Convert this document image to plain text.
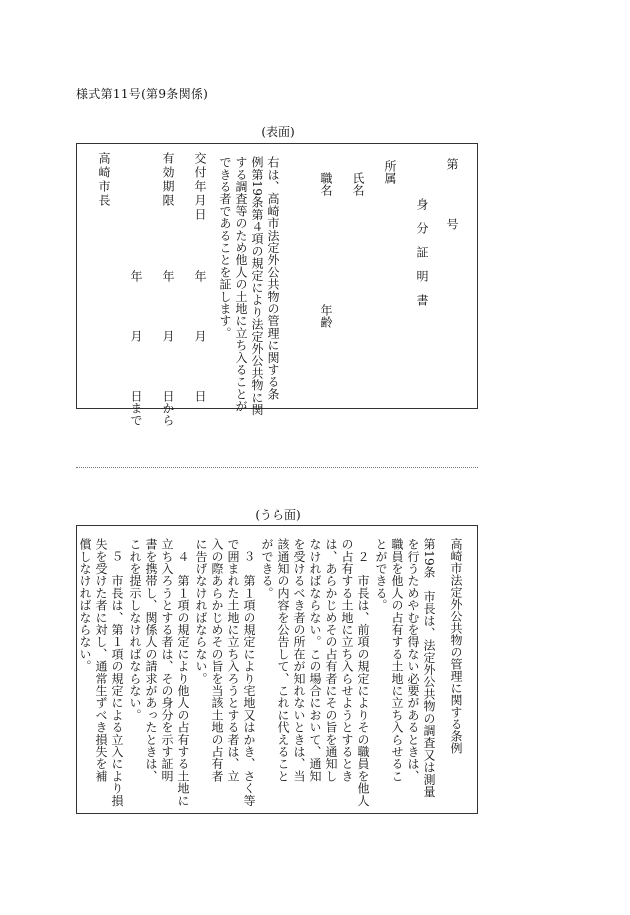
様式第11号(第9条関係)
(表面)
第　　　　号
身　分　証　明　書
所属
氏名
職名
年齢
右は、高崎市法定外公共物の管理に関する条
例第19条第４項の規定により法定外公共物に関
する調査等のため他人の土地に立ち入ることが
できる者であることを証します。
交付年月日
年　　　　月　　　　日
有効期限
年　　　　月　　　　日から
年　　　　月　　　　日まで
高崎市長
(うら面)
高崎市法定外公共物の管理に関する条例
第19条　市長は、法定外公共物の調査又は測量
を行うためやむを得ない必要があるときは、
職員を他人の占有する土地に立ち入らせるこ
とができる。
　２　市長は、前項の規定によりその職員を他人
の占有する土地に立ち入らせようとするとき
は、あらかじめその占有者にその旨を通知し
なければならない。この場合において、通知
を受けるべき者の所在が知れないときは、当
該通知の内容を公告して、これに代えること
ができる。
　３　第１項の規定により宅地又はかき、さく等
で囲まれた土地に立ち入ろうとする者は、立
入の際あらかじめその旨を当該土地の占有者
に告げなければならない。
　４　第１項の規定により他人の占有する土地に
立ち入ろうとする者は、その身分を示す証明
書を携帯し、関係人の請求があったときは、
これを提示しなければならない。
　５　市長は、第１項の規定による立入により損
失を受けた者に対し、通常生ずべき損失を補
償しなければならない。
